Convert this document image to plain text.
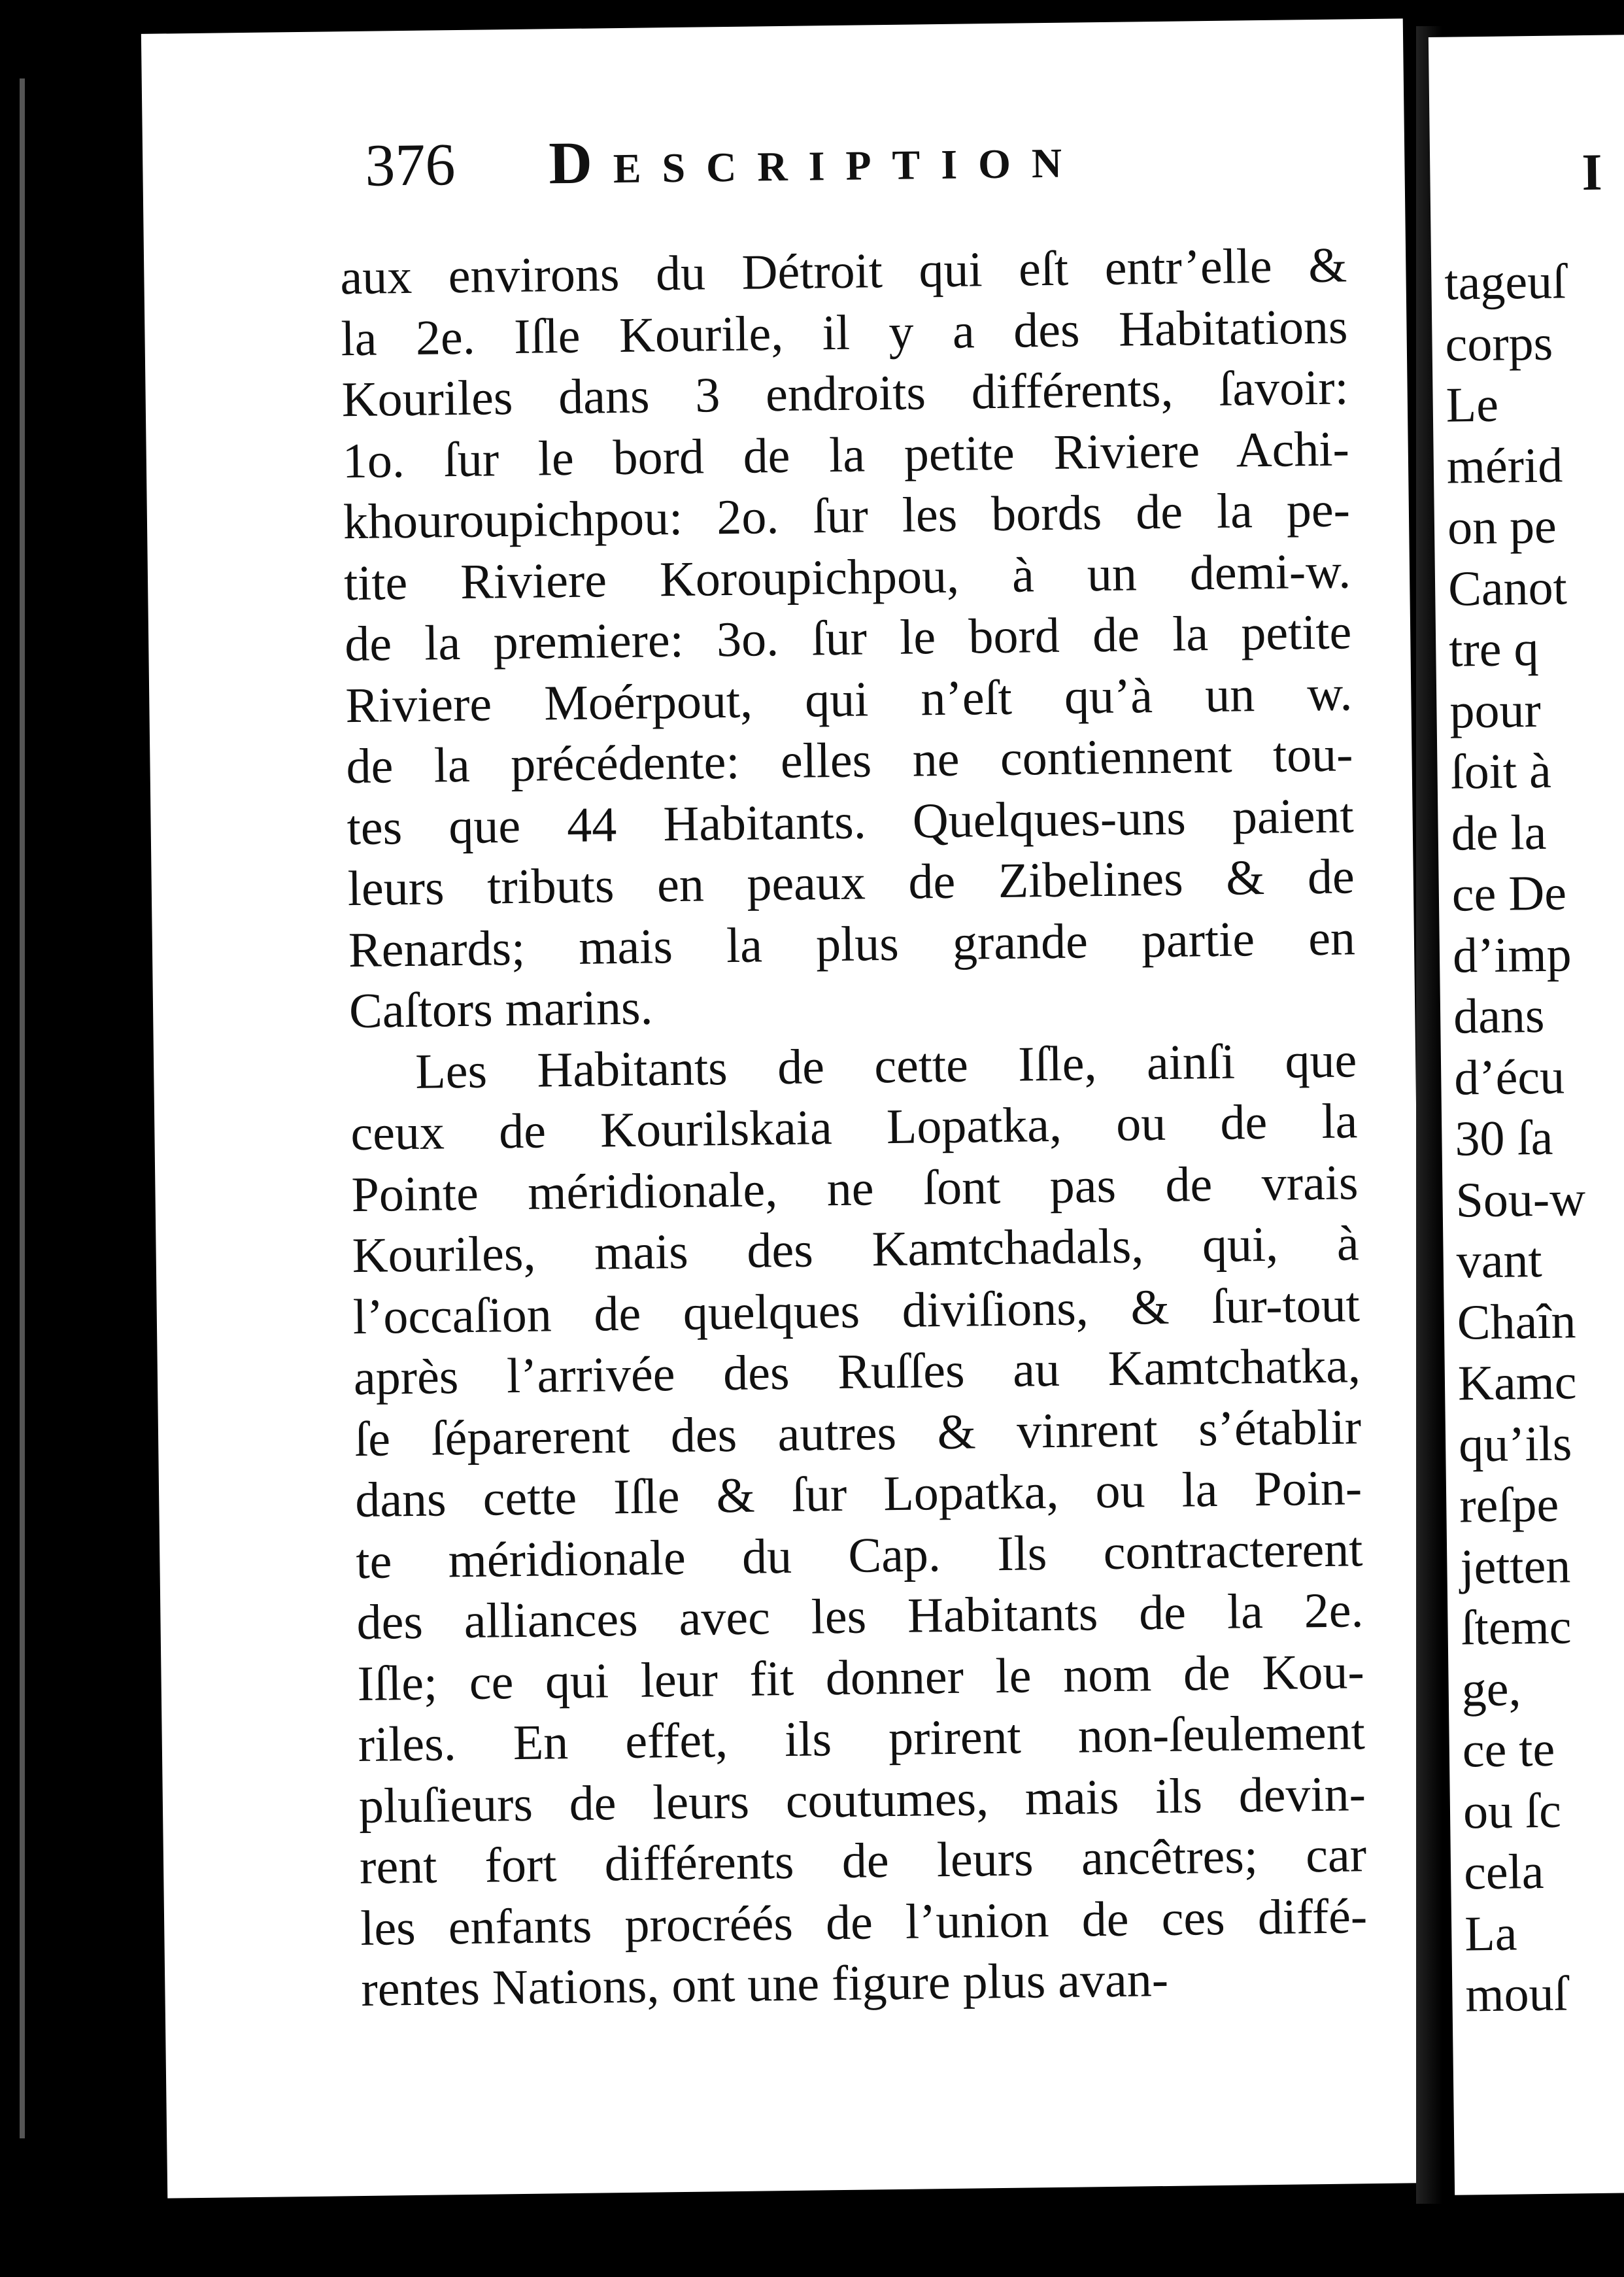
376 Description
aux environs du Détroit qui eſt entr’elle &
la 2e. Iſle Kourile, il y a des Habitations
Kouriles dans 3 endroits différents, ſavoir:
1o. ſur le bord de la petite Riviere Achi-
khouroupichpou: 2o. ſur les bords de la pe-
tite Riviere Koroupichpou, à un demi-w.
de la premiere: 3o. ſur le bord de la petite
Riviere Moérpout, qui n’eſt qu’à un w.
de la précédente: elles ne contiennent tou-
tes que 44 Habitants. Quelques-uns paient
leurs tributs en peaux de Zibelines & de
Renards; mais la plus grande partie en
Caſtors marins.
Les Habitants de cette Iſle, ainſi que
ceux de Kourilskaia Lopatka, ou de la
Pointe méridionale, ne ſont pas de vrais
Kouriles, mais des Kamtchadals, qui, à
l’occaſion de quelques diviſions, & ſur-tout
après l’arrivée des Ruſſes au Kamtchatka,
ſe ſéparerent des autres & vinrent s’établir
dans cette Iſle & ſur Lopatka, ou la Poin-
te méridionale du Cap. Ils contracterent
des alliances avec les Habitants de la 2e.
Iſle; ce qui leur fit donner le nom de Kou-
riles. En effet, ils prirent non-ſeulement
pluſieurs de leurs coutumes, mais ils devin-
rent fort différents de leurs ancêtres; car
les enfants procréés de l’union de ces diffé-
rentes Nations, ont une figure plus avan-
I
tageuſ
corps
Le
mérid
on pe
Canot
tre q
pour
ſoit à
de la
ce De
d’imp
dans
d’écu
30 ſa
Sou-w
vant
Chaîn
Kamc
qu’ils
reſpe
jetten
ſtemc
ge,
ce te
ou ſc
cela
La
mouſ
